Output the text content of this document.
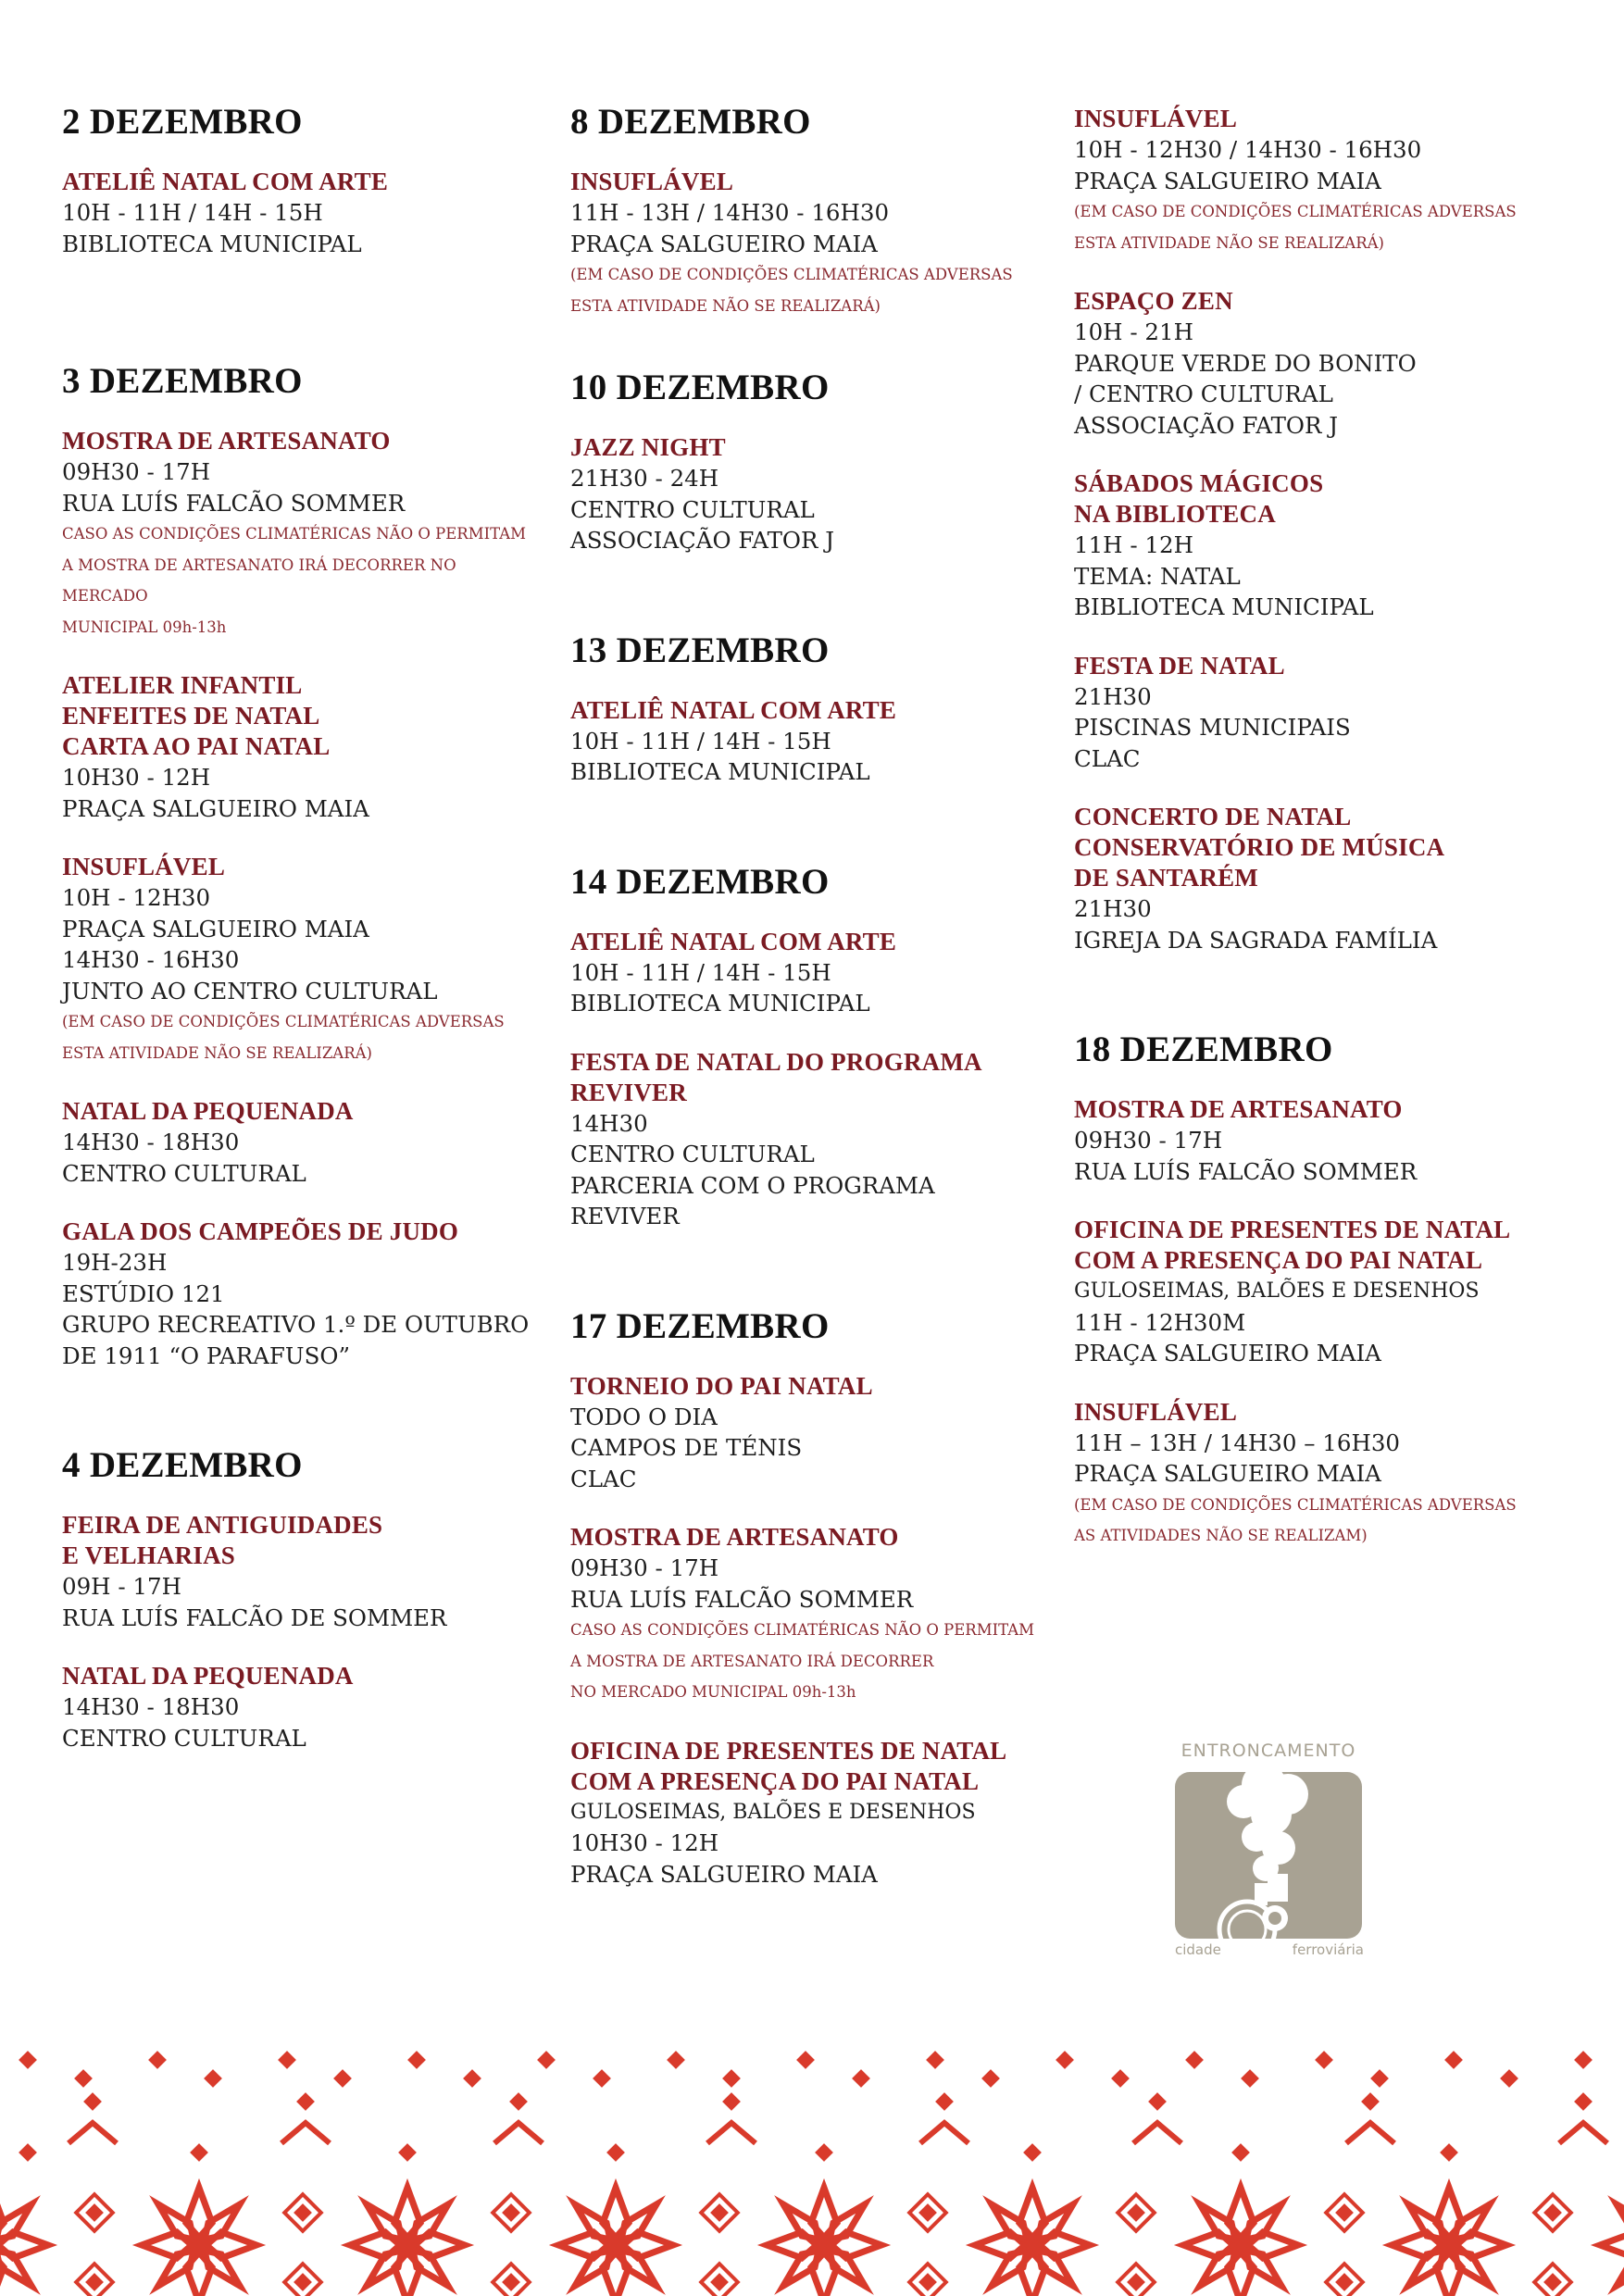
2 DEZEMBRO
ATELIÊ NATAL COM ARTE
10H - 11H / 14H - 15H
BIBLIOTECA MUNICIPAL
3 DEZEMBRO
MOSTRA DE ARTESANATO
09H30 - 17H
RUA LUÍS FALCÃO SOMMER
CASO AS CONDIÇÕES CLIMATÉRICAS NÃO O PERMITAM
A MOSTRA DE ARTESANATO IRÁ DECORRER NO MERCADO
MUNICIPAL 09h-13h
ATELIER INFANTIL
ENFEITES DE NATAL
CARTA AO PAI NATAL
10H30 - 12H
PRAÇA SALGUEIRO MAIA
INSUFLÁVEL
10H - 12H30
PRAÇA SALGUEIRO MAIA
14H30 - 16H30
JUNTO AO CENTRO CULTURAL
(EM CASO DE CONDIÇÕES CLIMATÉRICAS ADVERSAS
ESTA ATIVIDADE NÃO SE REALIZARÁ)
NATAL DA PEQUENADA
14H30 - 18H30
CENTRO CULTURAL
GALA DOS CAMPEÕES DE JUDO
19H-23H
ESTÚDIO 121
GRUPO RECREATIVO 1.º DE OUTUBRO
DE 1911 “O PARAFUSO”
4 DEZEMBRO
FEIRA DE ANTIGUIDADES
E VELHARIAS
09H - 17H
RUA LUÍS FALCÃO DE SOMMER
NATAL DA PEQUENADA
14H30 - 18H30
CENTRO CULTURAL
8 DEZEMBRO
INSUFLÁVEL
11H - 13H / 14H30 - 16H30
PRAÇA SALGUEIRO MAIA
(EM CASO DE CONDIÇÕES CLIMATÉRICAS ADVERSAS
ESTA ATIVIDADE NÃO SE REALIZARÁ)
10 DEZEMBRO
JAZZ NIGHT
21H30 - 24H
CENTRO CULTURAL
ASSOCIAÇÃO FATOR J
13 DEZEMBRO
ATELIÊ NATAL COM ARTE
10H - 11H / 14H - 15H
BIBLIOTECA MUNICIPAL
14 DEZEMBRO
ATELIÊ NATAL COM ARTE
10H - 11H / 14H - 15H
BIBLIOTECA MUNICIPAL
FESTA DE NATAL DO PROGRAMA
REVIVER
14H30
CENTRO CULTURAL
PARCERIA COM O PROGRAMA
REVIVER
17 DEZEMBRO
TORNEIO DO PAI NATAL
TODO O DIA
CAMPOS DE TÉNIS
CLAC
MOSTRA DE ARTESANATO
09H30 - 17H
RUA LUÍS FALCÃO SOMMER
CASO AS CONDIÇÕES CLIMATÉRICAS NÃO O PERMITAM
A MOSTRA DE ARTESANATO IRÁ DECORRER
NO MERCADO MUNICIPAL 09h-13h
OFICINA DE PRESENTES DE NATAL
COM A PRESENÇA DO PAI NATAL
GULOSEIMAS, BALÕES E DESENHOS
10H30 - 12H
PRAÇA SALGUEIRO MAIA
INSUFLÁVEL
10H - 12H30 / 14H30 - 16H30
PRAÇA SALGUEIRO MAIA
(EM CASO DE CONDIÇÕES CLIMATÉRICAS ADVERSAS
ESTA ATIVIDADE NÃO SE REALIZARÁ)
ESPAÇO ZEN
10H - 21H
PARQUE VERDE DO BONITO
/ CENTRO CULTURAL
ASSOCIAÇÃO FATOR J
SÁBADOS MÁGICOS
NA BIBLIOTECA
11H - 12H
TEMA: NATAL
BIBLIOTECA MUNICIPAL
FESTA DE NATAL
21H30
PISCINAS MUNICIPAIS
CLAC
CONCERTO DE NATAL
CONSERVATÓRIO DE MÚSICA
DE SANTARÉM
21H30
IGREJA DA SAGRADA FAMÍLIA
18 DEZEMBRO
MOSTRA DE ARTESANATO
09H30 - 17H
RUA LUÍS FALCÃO SOMMER
OFICINA DE PRESENTES DE NATAL
COM A PRESENÇA DO PAI NATAL
GULOSEIMAS, BALÕES E DESENHOS
11H - 12H30M
PRAÇA SALGUEIRO MAIA
INSUFLÁVEL
11H – 13H / 14H30 – 16H30
PRAÇA SALGUEIRO MAIA
(EM CASO DE CONDIÇÕES CLIMATÉRICAS ADVERSAS
AS ATIVIDADES NÃO SE REALIZAM)
ENTRONCAMENTO
cidade	ferroviária
